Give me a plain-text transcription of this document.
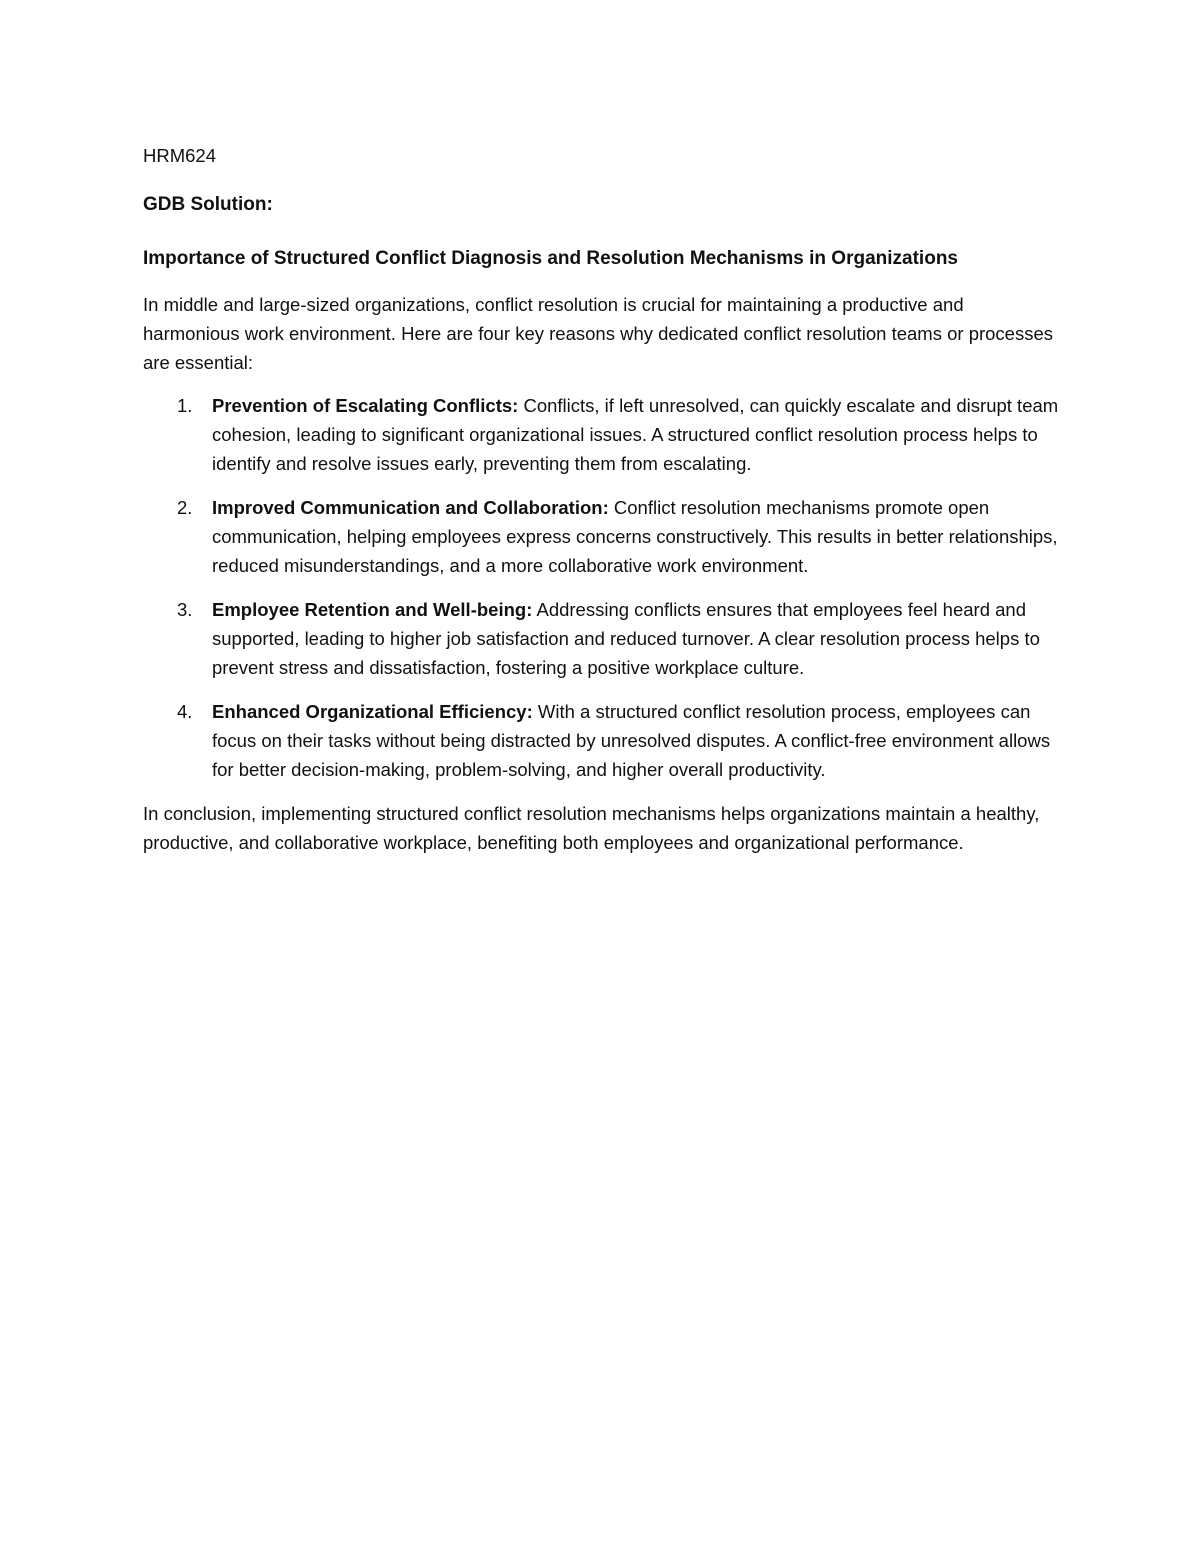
HRM624

GDB Solution:

Importance of Structured Conflict Diagnosis and Resolution Mechanisms in Organizations

In middle and large-sized organizations, conflict resolution is crucial for maintaining a productive and harmonious work environment. Here are four key reasons why dedicated conflict resolution teams or processes are essential:

1. Prevention of Escalating Conflicts: Conflicts, if left unresolved, can quickly escalate and disrupt team cohesion, leading to significant organizational issues. A structured conflict resolution process helps to identify and resolve issues early, preventing them from escalating.
2. Improved Communication and Collaboration: Conflict resolution mechanisms promote open communication, helping employees express concerns constructively. This results in better relationships, reduced misunderstandings, and a more collaborative work environment.
3. Employee Retention and Well-being: Addressing conflicts ensures that employees feel heard and supported, leading to higher job satisfaction and reduced turnover. A clear resolution process helps to prevent stress and dissatisfaction, fostering a positive workplace culture.
4. Enhanced Organizational Efficiency: With a structured conflict resolution process, employees can focus on their tasks without being distracted by unresolved disputes. A conflict-free environment allows for better decision-making, problem-solving, and higher overall productivity.

In conclusion, implementing structured conflict resolution mechanisms helps organizations maintain a healthy, productive, and collaborative workplace, benefiting both employees and organizational performance.
